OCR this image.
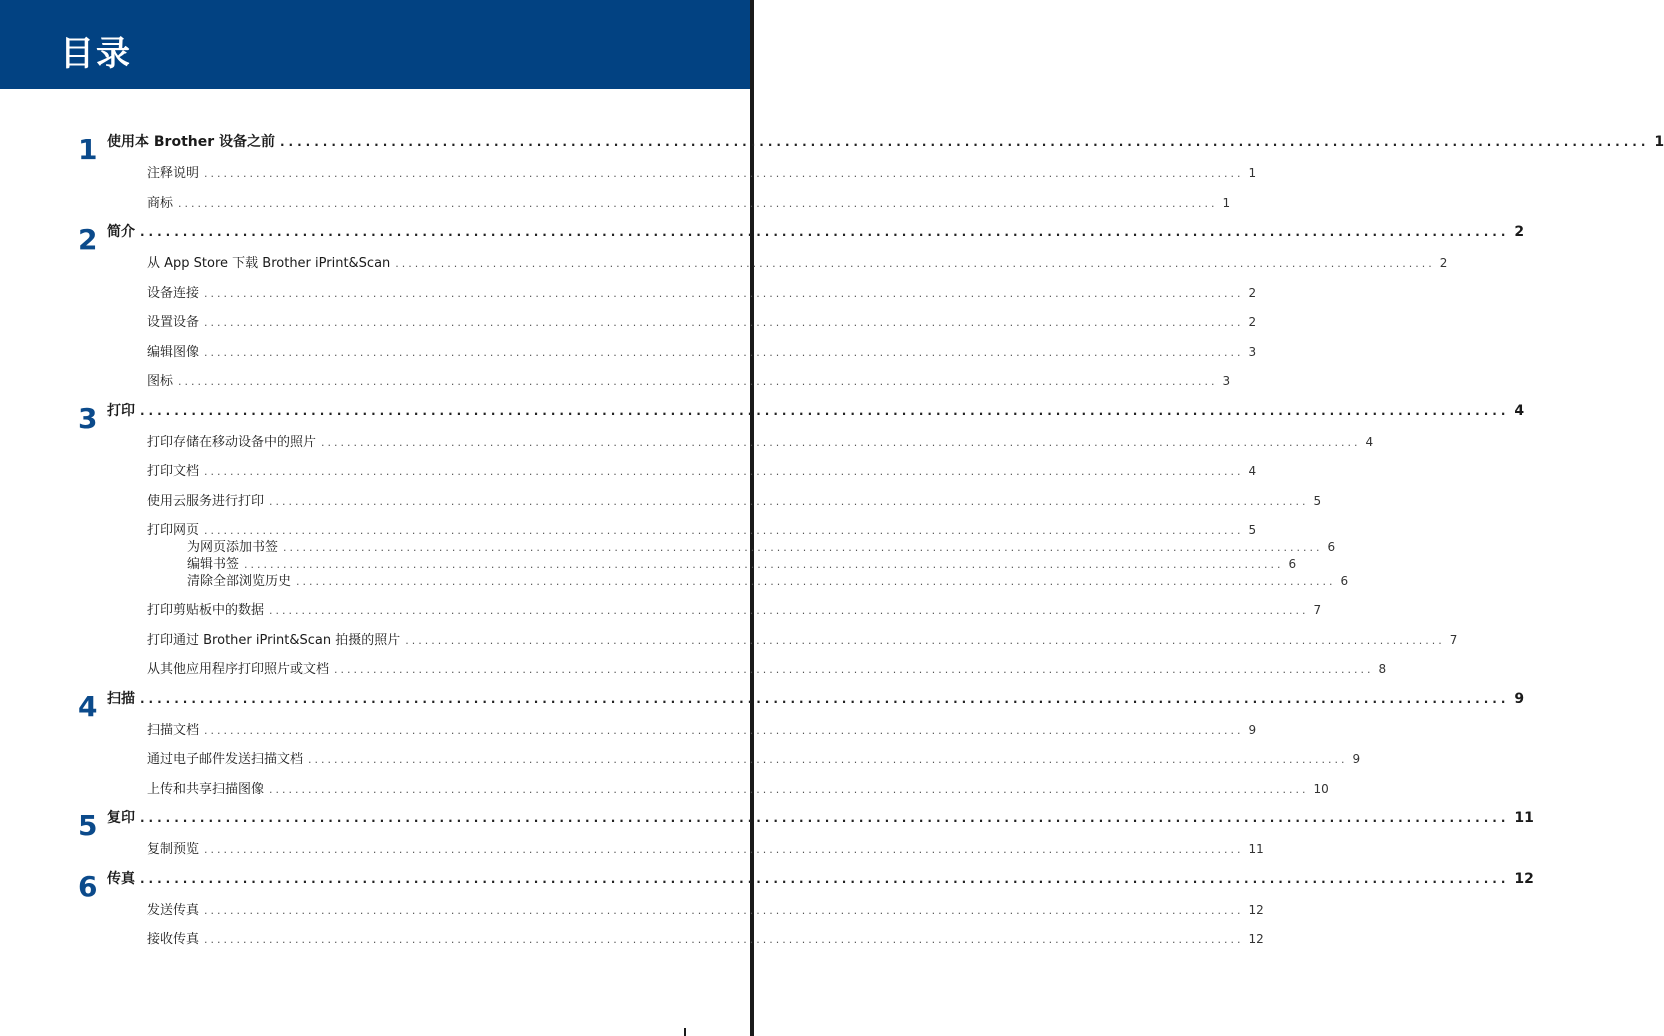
目录
1 使用本 Brother 设备之前 ................................................................................................................................................................ 1
注释说明 ................................................................................................................................................................ 1
商标 ................................................................................................................................................................ 1
2 简介 ................................................................................................................................................................ 2
从 App Store 下载 Brother iPrint&Scan ................................................................................................................................................................ 2
设备连接 ................................................................................................................................................................ 2
设置设备 ................................................................................................................................................................ 2
编辑图像 ................................................................................................................................................................ 3
图标 ................................................................................................................................................................ 3
3 打印 ................................................................................................................................................................ 4
打印存储在移动设备中的照片 ................................................................................................................................................................ 4
打印文档 ................................................................................................................................................................ 4
使用云服务进行打印 ................................................................................................................................................................ 5
打印网页 ................................................................................................................................................................ 5
为网页添加书签 ................................................................................................................................................................ 6
编辑书签 ................................................................................................................................................................ 6
清除全部浏览历史 ................................................................................................................................................................ 6
打印剪贴板中的数据 ................................................................................................................................................................ 7
打印通过 Brother iPrint&Scan 拍摄的照片 ................................................................................................................................................................ 7
从其他应用程序打印照片或文档 ................................................................................................................................................................ 8
4 扫描 ................................................................................................................................................................ 9
扫描文档 ................................................................................................................................................................ 9
通过电子邮件发送扫描文档 ................................................................................................................................................................ 9
上传和共享扫描图像 ................................................................................................................................................................ 10
5 复印 ................................................................................................................................................................ 11
复制预览 ................................................................................................................................................................ 11
6 传真 ................................................................................................................................................................ 12
发送传真 ................................................................................................................................................................ 12
接收传真 ................................................................................................................................................................ 12
